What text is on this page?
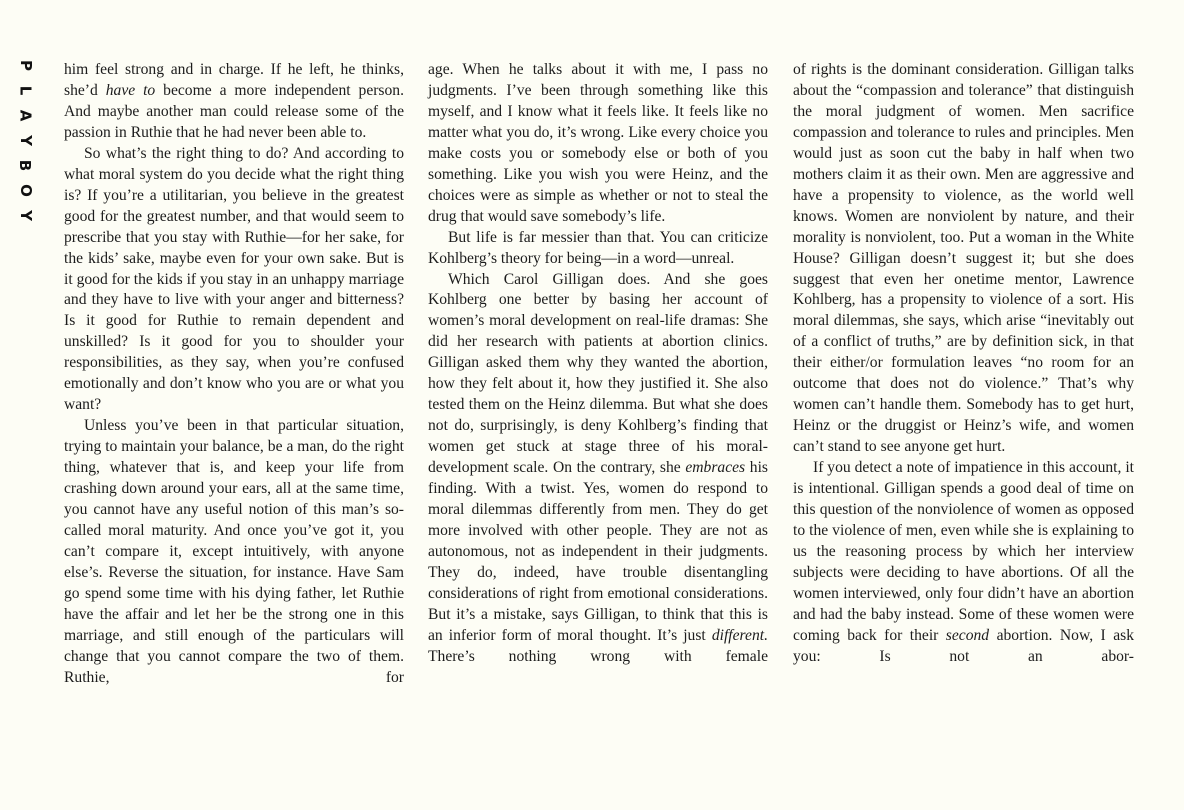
P
L
A
Y
B
O
Y

him feel strong and in charge. If he left, he thinks, she’d have to become a more independent person. And maybe another man could release some of the passion in Ruthie that he had never been able to.

So what’s the right thing to do? And according to what moral system do you decide what the right thing is? If you’re a utilitarian, you believe in the greatest good for the greatest number, and that would seem to prescribe that you stay with Ruthie—for her sake, for the kids’ sake, maybe even for your own sake. But is it good for the kids if you stay in an unhappy marriage and they have to live with your anger and bitterness? Is it good for Ruthie to remain dependent and unskilled? Is it good for you to shoulder your responsibilities, as they say, when you’re confused emotionally and don’t know who you are or what you want?

Unless you’ve been in that particular situation, trying to maintain your balance, be a man, do the right thing, whatever that is, and keep your life from crashing down around your ears, all at the same time, you cannot have any useful notion of this man’s so-called moral maturity. And once you’ve got it, you can’t compare it, except intuitively, with anyone else’s. Reverse the situation, for instance. Have Sam go spend some time with his dying father, let Ruthie have the affair and let her be the strong one in this marriage, and still enough of the particulars will change that you cannot compare the two of them. Ruthie, for

age. When he talks about it with me, I pass no judgments. I’ve been through something like this myself, and I know what it feels like. It feels like no matter what you do, it’s wrong. Like every choice you make costs you or somebody else or both of you something. Like you wish you were Heinz, and the choices were as simple as whether or not to steal the drug that would save somebody’s life.

But life is far messier than that. You can criticize Kohlberg’s theory for being—in a word—unreal.

Which Carol Gilligan does. And she goes Kohlberg one better by basing her account of women’s moral development on real-life dramas: She did her research with patients at abortion clinics. Gilligan asked them why they wanted the abortion, how they felt about it, how they justified it. She also tested them on the Heinz dilemma. But what she does not do, surprisingly, is deny Kohlberg’s finding that women get stuck at stage three of his moral-development scale. On the contrary, she embraces his finding. With a twist. Yes, women do respond to moral dilemmas differently from men. They do get more involved with other people. They are not as autonomous, not as independent in their judgments. They do, indeed, have trouble disentangling considerations of right from emotional considerations. But it’s a mistake, says Gilligan, to think that this is an inferior form of moral thought. It’s just different. There’s nothing wrong with female

of rights is the dominant consideration. Gilligan talks about the “compassion and tolerance” that distinguish the moral judgment of women. Men sacrifice compassion and tolerance to rules and principles. Men would just as soon cut the baby in half when two mothers claim it as their own. Men are aggressive and have a propensity to violence, as the world well knows. Women are nonviolent by nature, and their morality is nonviolent, too. Put a woman in the White House? Gilligan doesn’t suggest it; but she does suggest that even her onetime mentor, Lawrence Kohlberg, has a propensity to violence of a sort. His moral dilemmas, she says, which arise “inevitably out of a conflict of truths,” are by definition sick, in that their either/or formulation leaves “no room for an outcome that does not do violence.” That’s why women can’t handle them. Somebody has to get hurt, Heinz or the druggist or Heinz’s wife, and women can’t stand to see anyone get hurt.

If you detect a note of impatience in this account, it is intentional. Gilligan spends a good deal of time on this question of the nonviolence of women as opposed to the violence of men, even while she is explaining to us the reasoning process by which her interview subjects were deciding to have abortions. Of all the women interviewed, only four didn’t have an abortion and had the baby instead. Some of these women were coming back for their second abortion. Now, I ask you: Is not an abor-
